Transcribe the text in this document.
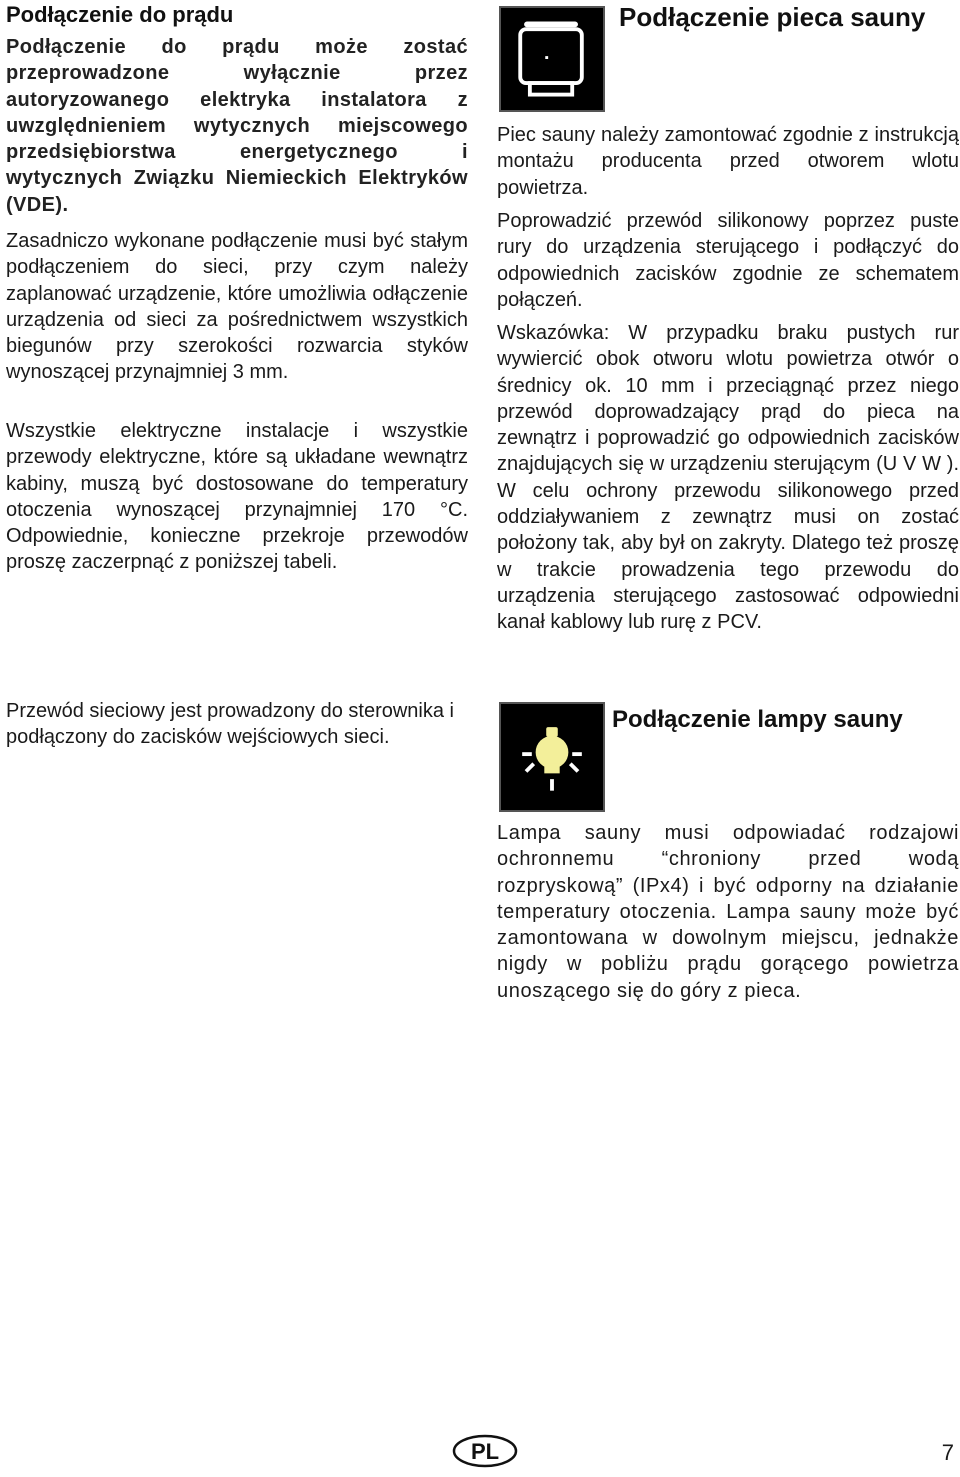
Podłączenie do prądu

Podłączenie do prądu może zostać przeprowadzone wyłącznie przez autoryzowanego elektryka instalatora z uwzględnieniem wytycznych miejscowego przedsiębiorstwa energetycznego i wytycznych Związku Niemieckich Elektryków (VDE).

Zasadniczo wykonane podłączenie musi być stałym podłączeniem do sieci, przy czym należy zaplanować urządzenie, które umożliwia odłączenie urządzenia od sieci za pośrednictwem wszystkich biegunów przy szerokości rozwarcia styków wynoszącej przynajmniej 3 mm.

Wszystkie elektryczne instalacje i wszystkie przewody elektryczne, które są układane wewnątrz kabiny, muszą być dostosowane do temperatury otoczenia wynoszącej przynajmniej 170 °C. Odpowiednie, konieczne przekroje przewodów proszę zaczerpnąć z poniższej tabeli.

Przewód sieciowy jest prowadzony do sterownika i podłączony do zacisków wejściowych sieci.

Podłączenie pieca sauny

Piec sauny należy zamontować zgodnie z instrukcją montażu producenta przed otworem wlotu powietrza.

Poprowadzić przewód silikonowy poprzez puste rury do urządzenia sterującego i podłączyć do odpowiednich zacisków zgodnie ze schematem połączeń.

Wskazówka: W przypadku braku pustych rur wywiercić obok otworu wlotu powietrza otwór o średnicy ok. 10 mm i przeciągnąć przez niego przewód doprowadzający prąd do pieca na zewnątrz i poprowadzić go odpowiednich zacisków znajdujących się w urządzeniu sterującym (U V W ). W celu ochrony przewodu silikonowego przed oddziaływaniem z zewnątrz musi on zostać położony tak, aby był on zakryty. Dlatego też proszę w trakcie prowadzenia tego przewodu do urządzenia sterującego zastosować odpowiedni kanał kablowy lub rurę z PCV.

Podłączenie lampy sauny

Lampa sauny musi odpowiadać rodzajowi ochronnemu “chroniony przed wodą rozpryskową” (IPx4) i być odporny na działanie temperatury otoczenia. Lampa sauny może być zamontowana w dowolnym miejscu, jednakże nigdy w pobliżu prądu gorącego powietrza unoszącego się do góry z pieca.

PL	7
